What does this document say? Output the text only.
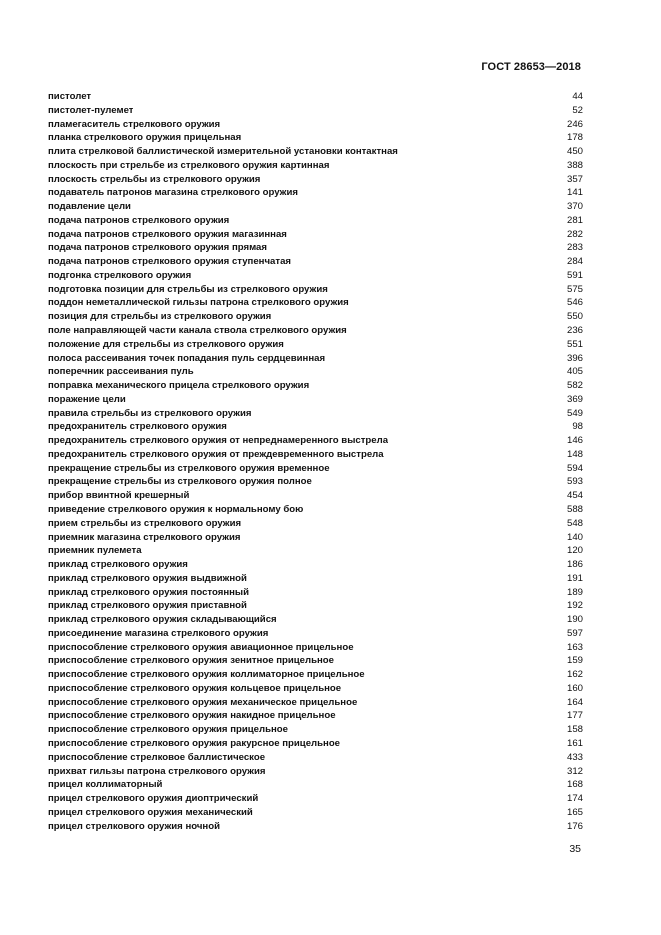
ГОСТ 28653—2018
пистолет	44
пистолет-пулемет	52
пламегаситель стрелкового оружия	246
планка стрелкового оружия прицельная	178
плита стрелковой баллистической измерительной установки контактная	450
плоскость при стрельбе из стрелкового оружия картинная	388
плоскость стрельбы из стрелкового оружия	357
подаватель патронов магазина стрелкового оружия	141
подавление цели	370
подача патронов стрелкового оружия	281
подача патронов стрелкового оружия магазинная	282
подача патронов стрелкового оружия прямая	283
подача патронов стрелкового оружия ступенчатая	284
подгонка стрелкового оружия	591
подготовка позиции для стрельбы из стрелкового оружия	575
поддон неметаллической гильзы патрона стрелкового оружия	546
позиция для стрельбы из стрелкового оружия	550
поле направляющей части канала ствола стрелкового оружия	236
положение для стрельбы из стрелкового оружия	551
полоса рассеивания точек попадания пуль сердцевинная	396
поперечник рассеивания пуль	405
поправка механического прицела стрелкового оружия	582
поражение цели	369
правила стрельбы из стрелкового оружия	549
предохранитель стрелкового оружия	98
предохранитель стрелкового оружия от непреднамеренного выстрела	146
предохранитель стрелкового оружия от преждевременного выстрела	148
прекращение стрельбы из стрелкового оружия временное	594
прекращение стрельбы из стрелкового оружия полное	593
прибор ввинтной крешерный	454
приведение стрелкового оружия к нормальному бою	588
прием стрельбы из стрелкового оружия	548
приемник магазина стрелкового оружия	140
приемник пулемета	120
приклад стрелкового оружия	186
приклад стрелкового оружия выдвижной	191
приклад стрелкового оружия постоянный	189
приклад стрелкового оружия приставной	192
приклад стрелкового оружия складывающийся	190
присоединение магазина стрелкового оружия	597
приспособление стрелкового оружия авиационное прицельное	163
приспособление стрелкового оружия зенитное прицельное	159
приспособление стрелкового оружия коллиматорное прицельное	162
приспособление стрелкового оружия кольцевое прицельное	160
приспособление стрелкового оружия механическое прицельное	164
приспособление стрелкового оружия накидное прицельное	177
приспособление стрелкового оружия прицельное	158
приспособление стрелкового оружия ракурсное прицельное	161
приспособление стрелковое баллистическое	433
прихват гильзы патрона стрелкового оружия	312
прицел коллиматорный	168
прицел стрелкового оружия диоптрический	174
прицел стрелкового оружия механический	165
прицел стрелкового оружия ночной	176
35
